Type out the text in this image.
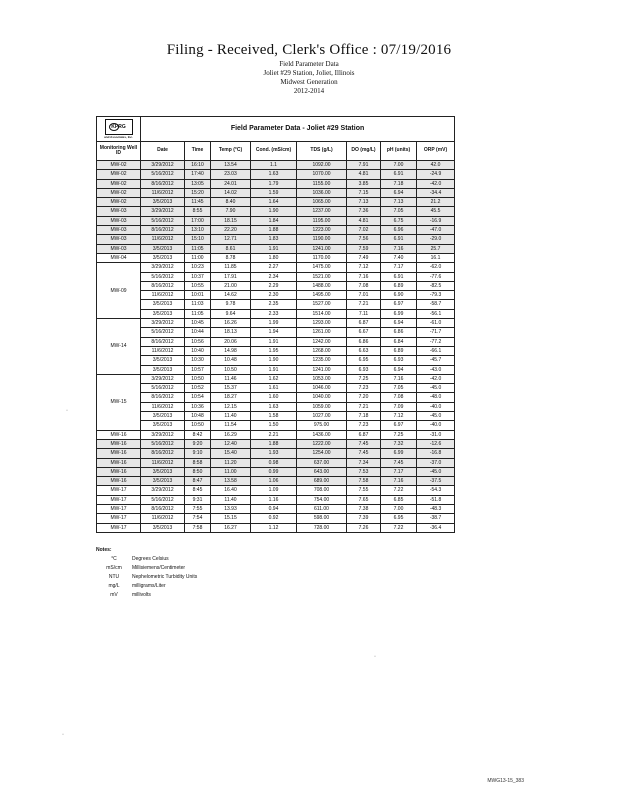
Filing - Received, Clerk's Office : 07/19/2016
Field Parameter Data
Joliet #29 Station, Joliet, Illinois
Midwest Generation
2012-2014
KPRG
and Associates, Inc.	Field Parameter Data - Joliet #29 Station							
Monitoring Well ID	Date	Time	Temp (°C)	Cond. (mS/cm)	TDS (g/L)	DO (mg/L)	pH (units)	ORP (mV)
MW-02	3/29/2012	16:10	13.54	1.1	1092.00	7.91	7.00	42.0
MW-02	5/16/2012	17:40	23.03	1.63	1070.00	4.81	6.91	-24.9
MW-02	8/16/2012	13:05	24.01	1.79	1155.00	3.85	7.18	-42.0
MW-02	11/6/2012	15:20	14.02	1.59	1036.00	7.15	6.94	-34.4
MW-02	3/5/2013	11:45	8.40	1.64	1065.00	7.13	7.13	21.2
MW-03	3/29/2012	8:55	7.90	1.90	1237.00	7.36	7.05	45.5
MW-03	5/16/2012	17:00	18.15	1.84	1195.00	4.81	6.75	-16.9
MW-03	8/16/2012	13:10	22.20	1.88	1223.00	7.02	6.96	-47.0
MW-03	11/6/2012	15:10	12.71	1.83	1190.00	7.56	6.91	-29.0
MW-03	3/5/2013	11:05	8.61	1.91	1241.00	7.59	7.16	25.7
MW-04	3/5/2013	11:00	8.78	1.80	1170.00	7.49	7.40	16.1
MW-09	3/29/2012	10:23	11.85	2.27	1475.00	7.12	7.17	-62.0
	5/16/2012	10:37	17.91	2.34	1521.00	7.16	6.91	-77.6
	8/16/2012	10:55	21.00	2.29	1488.00	7.08	6.89	-82.5
	11/6/2012	10:01	14.62	2.30	1495.00	7.01	6.90	-79.3
	3/5/2013	11:03	9.78	2.35	1527.00	7.21	6.97	-58.7
	3/5/2013	11:05	9.64	2.33	1514.00	7.11	6.99	-56.1
MW-14	3/29/2012	10:45	16.26	1.99	1293.00	6.87	6.94	-61.0
	5/16/2012	10:44	18.13	1.94	1261.00	6.67	6.86	-71.7
	8/16/2012	10:56	20.06	1.91	1242.00	6.86	6.84	-77.2
	11/6/2012	10:40	14.98	1.95	1268.00	6.63	6.89	-66.1
	3/5/2013	10:30	10.48	1.90	1235.00	6.95	6.93	-45.7
	3/5/2013	10:57	10.50	1.91	1241.00	6.93	6.94	-43.0
MW-15	3/29/2012	10:50	11.46	1.62	1053.00	7.25	7.16	-42.0
	5/16/2012	10:52	15.37	1.61	1046.00	7.23	7.05	-45.0
	8/16/2012	10:54	18.27	1.60	1040.00	7.20	7.08	-48.0
	11/6/2012	10:36	12.15	1.63	1059.00	7.21	7.09	-40.0
	3/5/2013	10:48	11.40	1.58	1027.00	7.18	7.12	-45.0
	3/5/2013	10:50	11.54	1.50	975.00	7.23	6.97	-40.0
MW-16	3/29/2012	8:42	16.29	2.21	1436.00	6.87	7.25	-31.0
MW-16	5/16/2012	9:20	12.40	1.88	1222.00	7.45	7.32	-12.6
MW-16	8/16/2012	9:10	15.40	1.93	1254.00	7.45	6.99	-16.8
MW-16	11/6/2012	8:58	11.20	0.98	637.00	7.34	7.45	-37.0
MW-16	3/5/2013	8:50	11.00	0.99	643.00	7.53	7.17	-45.0
MW-16	3/5/2013	8:47	13.58	1.06	689.00	7.58	7.16	-37.5
MW-17	3/29/2012	8:45	16.40	1.09	708.00	7.55	7.22	-54.3
MW-17	5/16/2012	9:31	11.40	1.16	754.00	7.65	6.85	-51.8
MW-17	8/16/2012	7:55	13.93	0.94	611.00	7.38	7.00	-48.3
MW-17	11/6/2012	7:54	15.15	0.92	598.00	7.39	6.95	-38.7
MW-17	3/5/2013	7:58	16.27	1.12	728.00	7.26	7.22	-36.4
Notes:
°C	Degrees Celsius
mS/cm	Millisiemens/Centimeter
NTU	Nephelometric Turbidity Units
mg/L	milligrams/Liter
mV	millivolts
·
·
·
MWG13-15_383
